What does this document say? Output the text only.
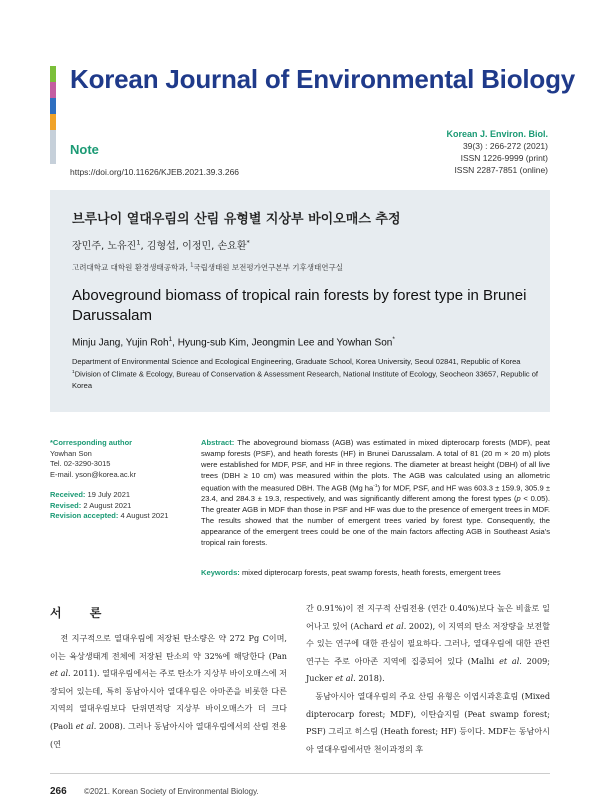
Korean Journal of Environmental Biology
Note
https://doi.org/10.11626/KJEB.2021.39.3.266
Korean J. Environ. Biol.
39(3) : 266-272 (2021)
ISSN 1226-9999 (print)
ISSN 2287-7851 (online)
브루나이 열대우림의 산림 유형별 지상부 바이오매스 추정
장민주, 노유진$^1$, 김형섭, 이정민, 손요환*
고려대학교 대학원 환경생태공학과, $^1$국립생태원 보전평가연구본부 기후생태연구실
Aboveground biomass of tropical rain forests by forest type in Brunei Darussalam
Minju Jang, Yujin Roh$^1$, Hyung-sub Kim, Jeongmin Lee and Yowhan Son*
Department of Environmental Science and Ecological Engineering, Graduate School, Korea University, Seoul 02841, Republic of Korea
$^1$Division of Climate & Ecology, Bureau of Conservation & Assessment Research, National Institute of Ecology, Seocheon 33657, Republic of Korea
*Corresponding author
Yowhan Son
Tel. 02-3290-3015
E-mail. yson@korea.ac.kr
Received: 19 July 2021
Revised: 2 August 2021
Revision accepted: 4 August 2021
Abstract: The aboveground biomass (AGB) was estimated in mixed dipterocarp forests (MDF), peat swamp forests (PSF), and heath forests (HF) in Brunei Darussalam. A total of 81 (20 m × 20 m) plots were established for MDF, PSF, and HF in three regions. The diameter at breast height (DBH) of all live trees (DBH ≥ 10 cm) was measured within the plots. The AGB was calculated using an allometric equation with the measured DBH. The AGB (Mg $ha^{-1}$) for MDF, PSF, and HF was 603.3 ± 159.9, 305.9 ± 23.4, and 284.3 ± 19.3, respectively, and was significantly different among the forest types (p < 0.05). The greater AGB in MDF than those in PSF and HF was due to the presence of emergent trees in MDF. The results showed that the number of emergent trees varied by forest type. Consequently, the appearance of the emergent trees could be one of the main factors affecting AGB in Southeast Asia's tropical rain forests.
Keywords: mixed dipterocarp forests, peat swamp forests, heath forests, emergent trees
서 론
전 지구적으로 열대우림에 저장된 탄소량은 약 272 Pg C이며, 이는 육상생태계 전체에 저장된 탄소의 약 32%에 해당한다 (Pan et al. 2011). 열대우림에서는 주로 탄소가 지상부 바이오매스에 저장되어 있는데, 특히 동남아시아 열대우림은 아마존을 비롯한 다른 지역의 열대우림보다 단위면적당 지상부 바이오매스가 더 크다 (Paoli et al. 2008). 그러나 동남아시아 열대우림에서의 산림 전용 (연
간 0.91%)이 전 지구적 산림전용 (연간 0.40%)보다 높은 비율로 일어나고 있어 (Achard et al. 2002), 이 지역의 탄소 저장량을 보전할 수 있는 연구에 대한 관심이 필요하다. 그러나, 열대우림에 대한 관련 연구는 주로 아마존 지역에 집중되어 있다 (Malhi et al. 2009; Jucker et al. 2018).
동남아시아 열대우림의 주요 산림 유형은 이엽시과혼효림 (Mixed dipterocarp forest; MDF), 이탄습지림 (Peat swamp forest; PSF) 그리고 히스림 (Heath forest; HF) 등이다. MDF는 동남아시아 열대우림에서만 천이과정의 후
266 ©2021. Korean Society of Environmental Biology.
